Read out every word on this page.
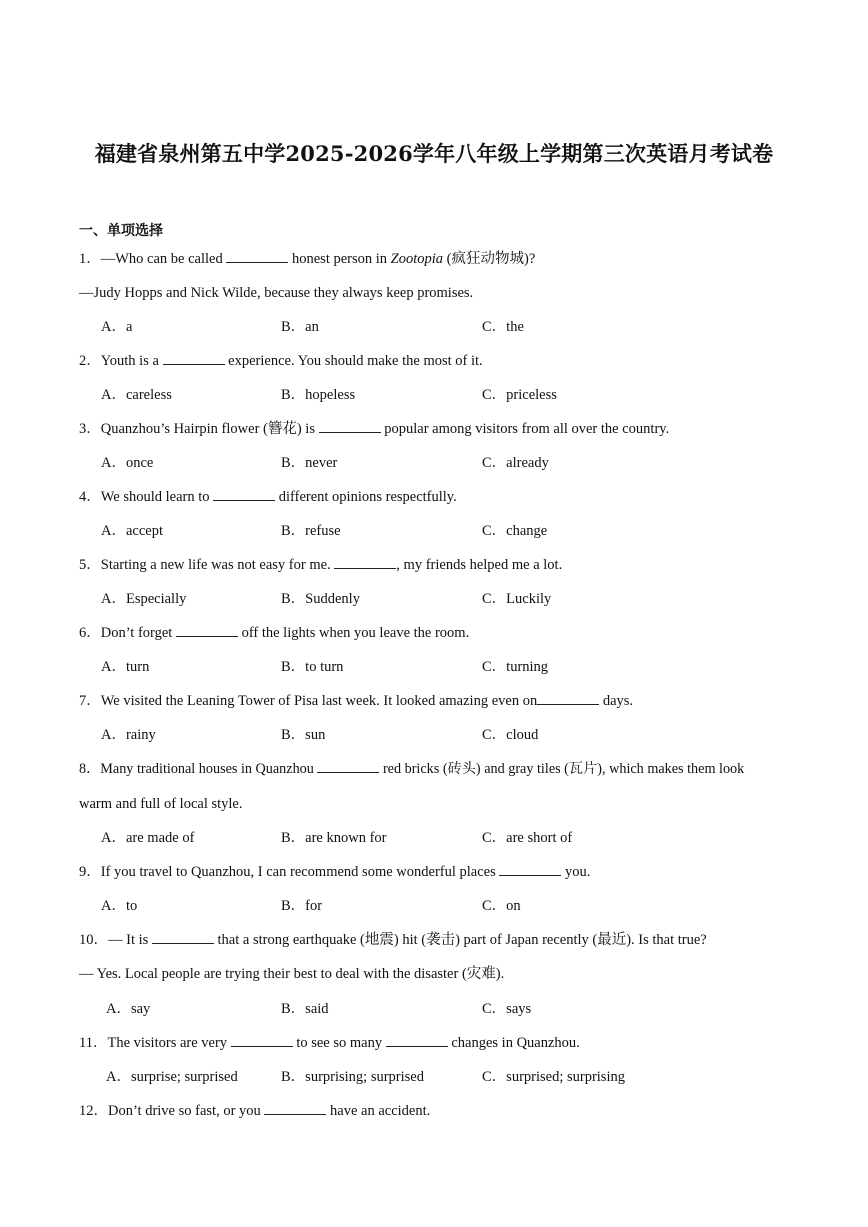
福建省泉州第五中学2025-2026学年八年级上学期第三次英语月考试卷
一、单项选择
1．—Who can be called	honest person in Zootopia (疯狂动物城)?
—Judy Hopps and Nick Wilde, because they always keep promises.
A．a	B．an	C．the
2．Youth is a	experience. You should make the most of it.
A．careless	B．hopeless	C．priceless
3．Quanzhou’s Hairpin flower (簪花) is	popular among visitors from all over the country.
A．once	B．never	C．already
4．We should learn to	different opinions respectfully.
A．accept	B．refuse	C．change
5．Starting a new life was not easy for me.	, my friends helped me a lot.
A．Especially	B．Suddenly	C．Luckily
6．Don’t forget	off the lights when you leave the room.
A．turn	B．to turn	C．turning
7．We visited the Leaning Tower of Pisa last week. It looked amazing even on	days.
A．rainy	B．sun	C．cloud
8．Many traditional houses in Quanzhou	red bricks (砖头) and gray tiles (瓦片), which makes them look
warm and full of local style.
A．are made of	B．are known for	C．are short of
9．If you travel to Quanzhou, I can recommend some wonderful places	you.
A．to	B．for	C．on
10．— It is	that a strong earthquake (地震) hit (袭击) part of Japan recently (最近). Is that true?
— Yes. Local people are trying their best to deal with the disaster (灾难).
A．say	B．said	C．says
11．The visitors are very	to see so many	changes in Quanzhou.
A．surprise; surprised	B．surprising; surprised	C．surprised; surprising
12．Don’t drive so fast, or you	have an accident.
